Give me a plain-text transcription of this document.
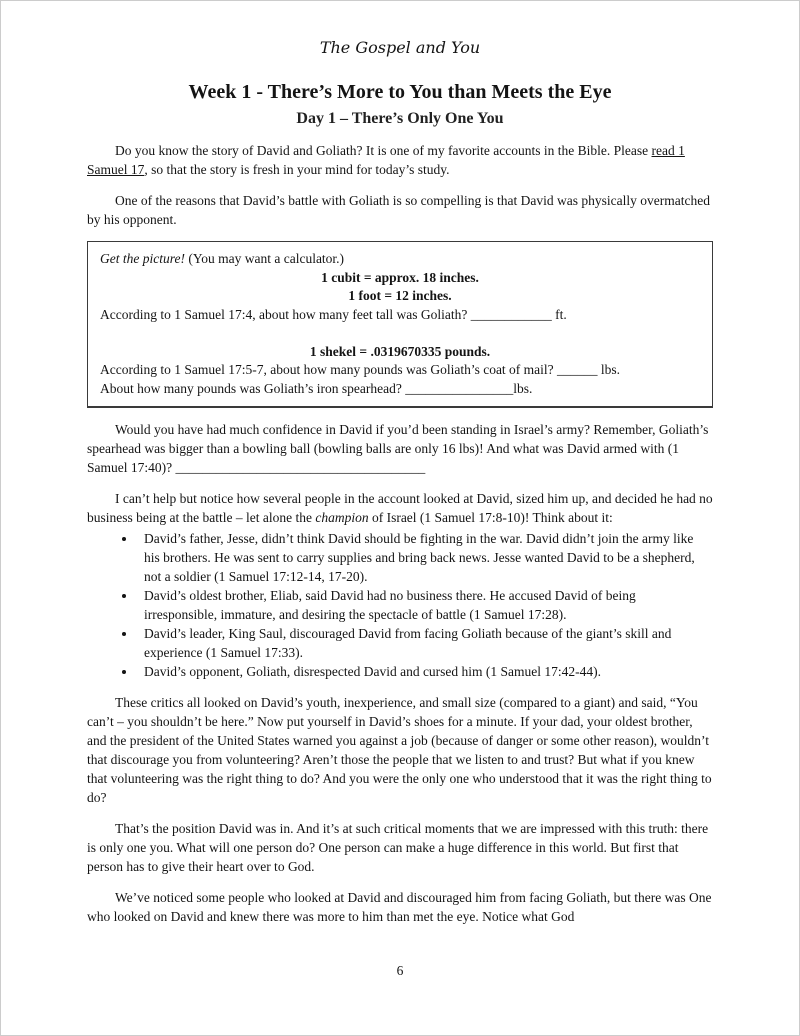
The Gospel and You
Week 1 - There’s More to You than Meets the Eye
Day 1 – There’s Only One You

Do you know the story of David and Goliath? It is one of my favorite accounts in the Bible. Please read 1 Samuel 17, so that the story is fresh in your mind for today’s study.

One of the reasons that David’s battle with Goliath is so compelling is that David was physically overmatched by his opponent.

Get the picture! (You may want a calculator.)

1 cubit = approx. 18 inches.

1 foot = 12 inches.

According to 1 Samuel 17:4, about how many feet tall was Goliath? ____________ ft.

1 shekel = .0319670335 pounds.

According to 1 Samuel 17:5-7, about how many pounds was Goliath’s coat of mail? ______ lbs.

About how many pounds was Goliath’s iron spearhead? ________________lbs.

Would you have had much confidence in David if you’d been standing in Israel’s army? Remember, Goliath’s spearhead was bigger than a bowling ball (bowling balls are only 16 lbs)! And what was David armed with (1 Samuel 17:40)? _____________________________________

I can’t help but notice how several people in the account looked at David, sized him up, and decided he had no business being at the battle – let alone the champion of Israel (1 Samuel 17:8-10)! Think about it:

• David’s father, Jesse, didn’t think David should be fighting in the war. David didn’t join the army like his brothers. He was sent to carry supplies and bring back news. Jesse wanted David to be a shepherd, not a soldier (1 Samuel 17:12-14, 17-20).
• David’s oldest brother, Eliab, said David had no business there. He accused David of being irresponsible, immature, and desiring the spectacle of battle (1 Samuel 17:28).
• David’s leader, King Saul, discouraged David from facing Goliath because of the giant’s skill and experience (1 Samuel 17:33).
• David’s opponent, Goliath, disrespected David and cursed him (1 Samuel 17:42-44).

These critics all looked on David’s youth, inexperience, and small size (compared to a giant) and said, “You can’t – you shouldn’t be here.” Now put yourself in David’s shoes for a minute. If your dad, your oldest brother, and the president of the United States warned you against a job (because of danger or some other reason), wouldn’t that discourage you from volunteering? Aren’t those the people that we listen to and trust? But what if you knew that volunteering was the right thing to do? And you were the only one who understood that it was the right thing to do?

That’s the position David was in. And it’s at such critical moments that we are impressed with this truth: there is only one you. What will one person do? One person can make a huge difference in this world. But first that person has to give their heart over to God.

We’ve noticed some people who looked at David and discouraged him from facing Goliath, but there was One who looked on David and knew there was more to him than met the eye. Notice what God

6
